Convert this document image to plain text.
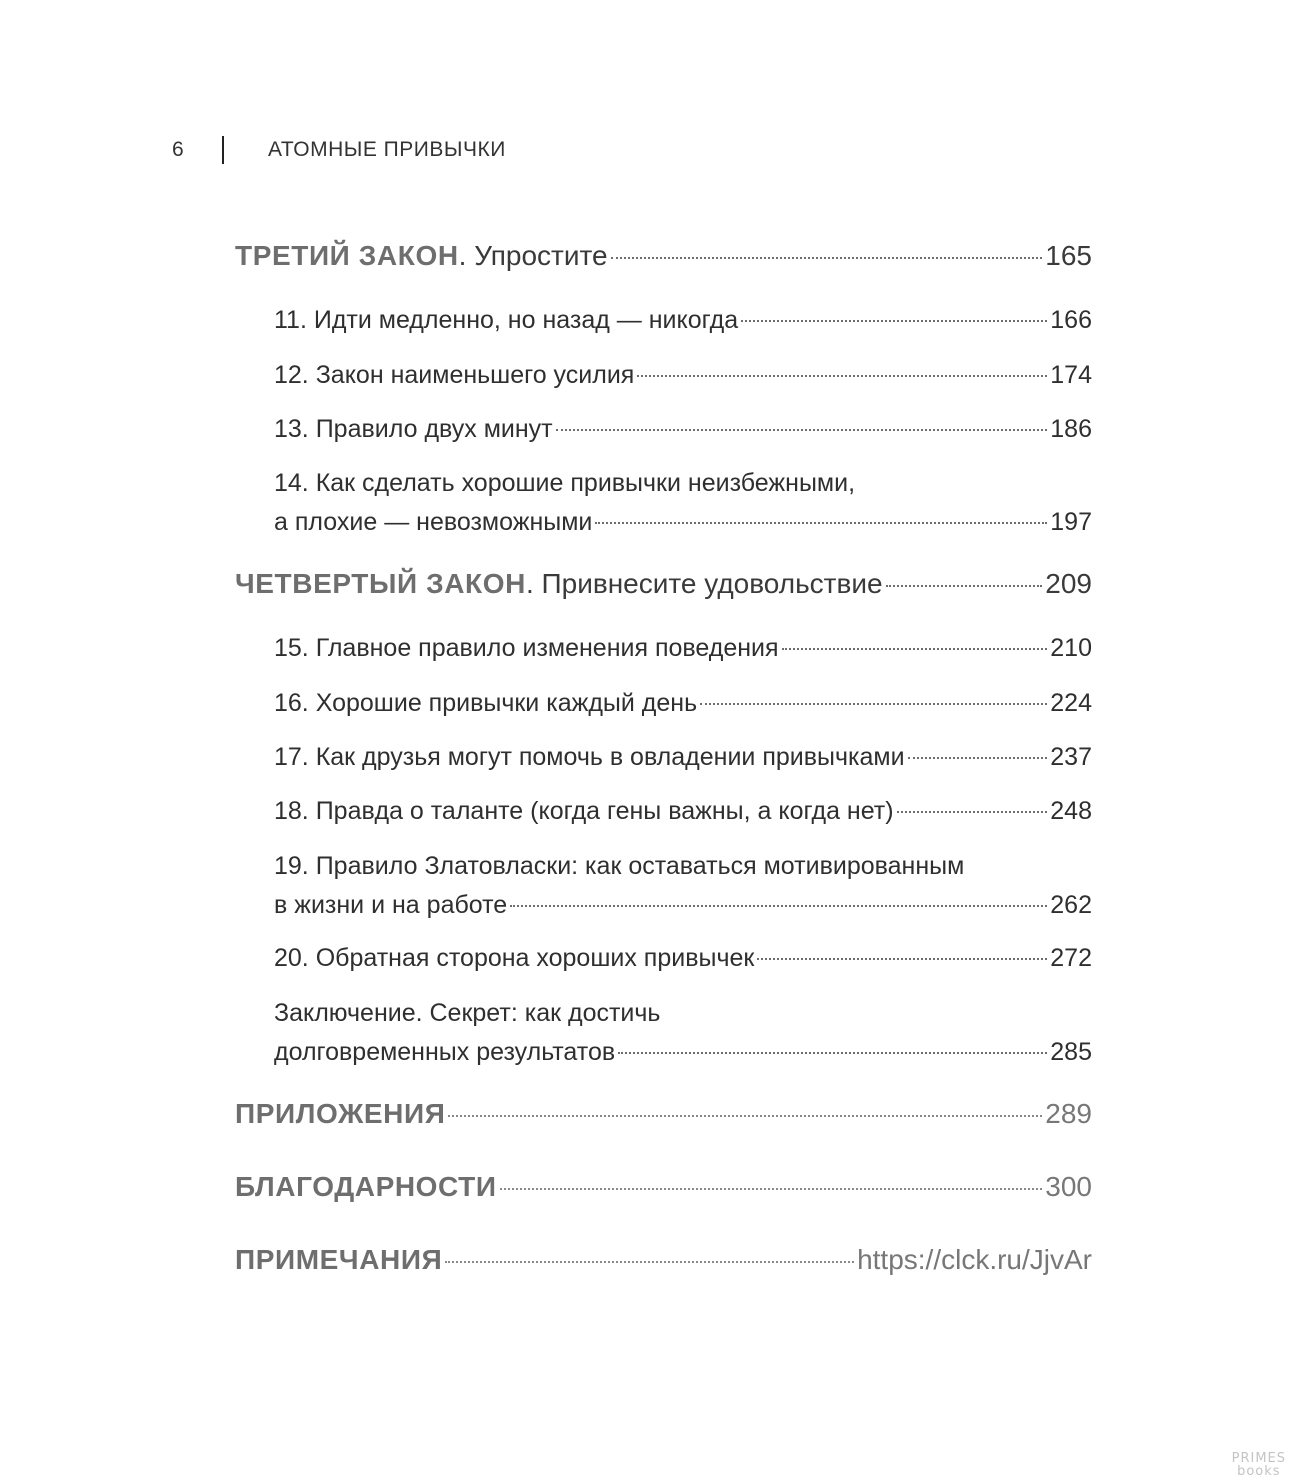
6	АТОМНЫЕ ПРИВЫЧКИ
ТРЕТИЙ ЗАКОН . Упростите	165
11. Идти медленно, но назад — никогда	166
12. Закон наименьшего усилия	174
13. Правило двух минут	186
14. Как сделать хорошие привычки неизбежными,
а плохие — невозможными	197
ЧЕТВЕРТЫЙ ЗАКОН . Привнесите удовольствие	209
15. Главное правило изменения поведения	210
16. Хорошие привычки каждый день	224
17. Как друзья могут помочь в овладении привычками	237
18. Правда о таланте (когда гены важны, а когда нет)	248
19. Правило Златовласки: как оставаться мотивированным
в жизни и на работе	262
20. Обратная сторона хороших привычек	272
Заключение. Секрет: как достичь
долговременных результатов	285
ПРИЛОЖЕНИЯ	289
БЛАГОДАРНОСТИ	300
ПРИМЕЧАНИЯ	https://clck.ru/JjvAr
PRIMES
books
